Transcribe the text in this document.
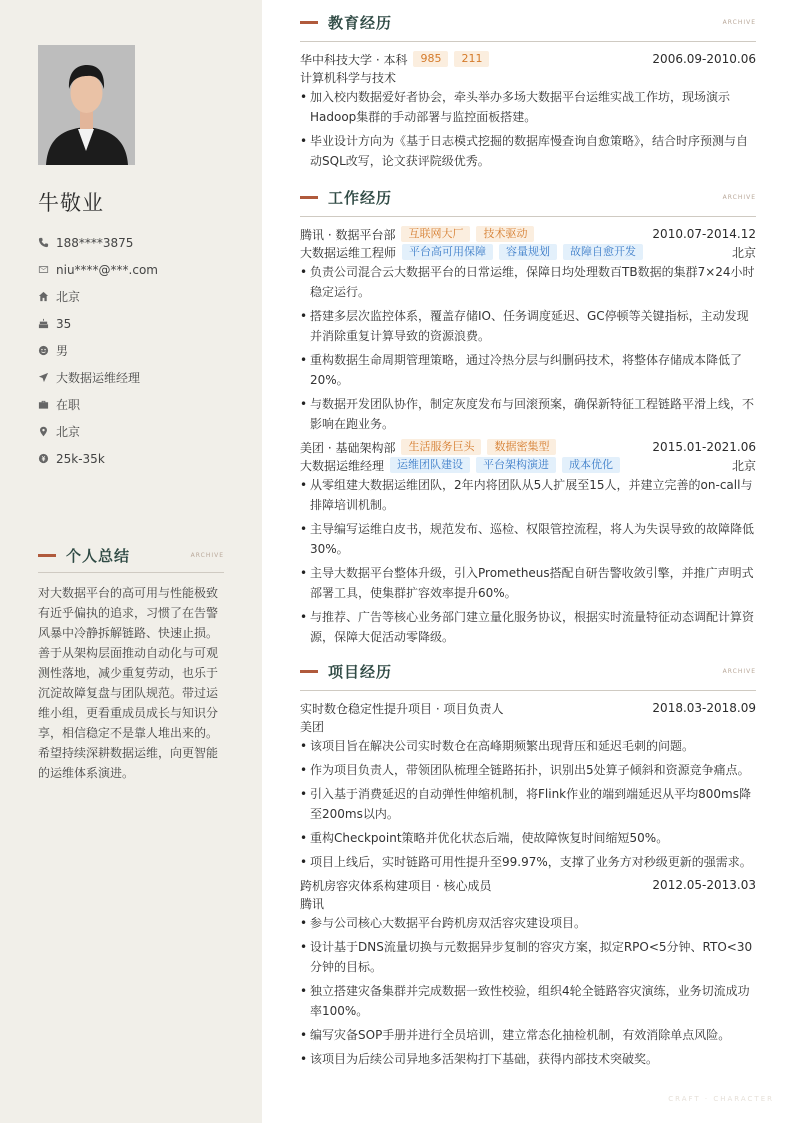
牛敬业
188****3875
niu****@***.com
北京
35
男
大数据运维经理
在职
北京
25k-35k
个人总结	ARCHIVE
对大数据平台的高可用与性能极致有近乎偏执的追求，习惯了在告警风暴中冷静拆解链路、快速止损。善于从架构层面推动自动化与可观测性落地，减少重复劳动，也乐于沉淀故障复盘与团队规范。带过运维小组，更看重成员成长与知识分享，相信稳定不是靠人堆出来的。希望持续深耕数据运维，向更智能的运维体系演进。
教育经历	ARCHIVE
华中科技大学 · 本科	985	211	2006.09-2010.06
计算机科学与技术
• 加入校内数据爱好者协会，牵头举办多场大数据平台运维实战工作坊，现场演示Hadoop集群的手动部署与监控面板搭建。
• 毕业设计方向为《基于日志模式挖掘的数据库慢查询自愈策略》，结合时序预测与自动SQL改写，论文获评院级优秀。
工作经历	ARCHIVE
腾讯 · 数据平台部	互联网大厂	技术驱动	2010.07-2014.12
大数据运维工程师	平台高可用保障	容量规划	故障自愈开发	北京
• 负责公司混合云大数据平台的日常运维，保障日均处理数百TB数据的集群7×24小时稳定运行。
• 搭建多层次监控体系，覆盖存储IO、任务调度延迟、GC停顿等关键指标，主动发现并消除重复计算导致的资源浪费。
• 重构数据生命周期管理策略，通过冷热分层与纠删码技术，将整体存储成本降低了20%。
• 与数据开发团队协作，制定灰度发布与回滚预案，确保新特征工程链路平滑上线，不影响在跑业务。
美团 · 基础架构部	生活服务巨头	数据密集型	2015.01-2021.06
大数据运维经理	运维团队建设	平台架构演进	成本优化	北京
• 从零组建大数据运维团队，2年内将团队从5人扩展至15人，并建立完善的on-call与排障培训机制。
• 主导编写运维白皮书，规范发布、巡检、权限管控流程，将人为失误导致的故障降低30%。
• 主导大数据平台整体升级，引入Prometheus搭配自研告警收敛引擎，并推广声明式部署工具，使集群扩容效率提升60%。
• 与推荐、广告等核心业务部门建立量化服务协议，根据实时流量特征动态调配计算资源，保障大促活动零降级。
项目经历	ARCHIVE
实时数仓稳定性提升项目 · 项目负责人	2018.03-2018.09
美团
• 该项目旨在解决公司实时数仓在高峰期频繁出现背压和延迟毛刺的问题。
• 作为项目负责人，带领团队梳理全链路拓扑，识别出5处算子倾斜和资源竞争痛点。
• 引入基于消费延迟的自动弹性伸缩机制，将Flink作业的端到端延迟从平均800ms降至200ms以内。
• 重构Checkpoint策略并优化状态后端，使故障恢复时间缩短50%。
• 项目上线后，实时链路可用性提升至99.97%，支撑了业务方对秒级更新的强需求。
跨机房容灾体系构建项目 · 核心成员	2012.05-2013.03
腾讯
• 参与公司核心大数据平台跨机房双活容灾建设项目。
• 设计基于DNS流量切换与元数据异步复制的容灾方案，拟定RPO<5分钟、RTO<30分钟的目标。
• 独立搭建灾备集群并完成数据一致性校验，组织4轮全链路容灾演练，业务切流成功率100%。
• 编写灾备SOP手册并进行全员培训，建立常态化抽检机制，有效消除单点风险。
• 该项目为后续公司异地多活架构打下基础，获得内部技术突破奖。
CRAFT · CHARACTER
